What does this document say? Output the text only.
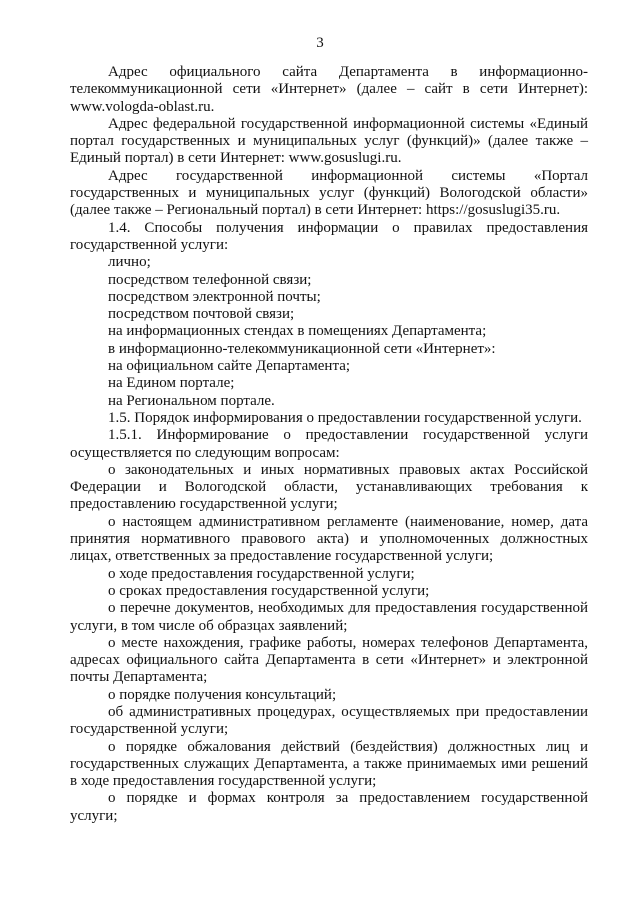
3

Адрес официального сайта Департамента в информационно-телекоммуникационной сети «Интернет» (далее – сайт в сети Интернет): www.vologda-oblast.ru.

Адрес федеральной государственной информационной системы «Единый портал государственных и муниципальных услуг (функций)» (далее также – Единый портал) в сети Интернет: www.gosuslugi.ru.

Адрес государственной информационной системы «Портал государственных и муниципальных услуг (функций) Вологодской области» (далее также – Региональный портал) в сети Интернет: https://gosuslugi35.ru.

1.4. Способы получения информации о правилах предоставления государственной услуги:

лично;

посредством телефонной связи;

посредством электронной почты;

посредством почтовой связи;

на информационных стендах в помещениях Департамента;

в информационно-телекоммуникационной сети «Интернет»:

на официальном сайте Департамента;

на Едином портале;

на Региональном портале.

1.5. Порядок информирования о предоставлении государственной услуги.

1.5.1. Информирование о предоставлении государственной услуги осуществляется по следующим вопросам:

о законодательных и иных нормативных правовых актах Российской Федерации и Вологодской области, устанавливающих требования к предоставлению государственной услуги;

о настоящем административном регламенте (наименование, номер, дата принятия нормативного правового акта) и уполномоченных должностных лицах, ответственных за предоставление государственной услуги;

о ходе предоставления государственной услуги;

о сроках предоставления государственной услуги;

о перечне документов, необходимых для предоставления государственной услуги, в том числе об образцах заявлений;

о месте нахождения, графике работы, номерах телефонов Департамента, адресах официального сайта Департамента в сети «Интернет» и электронной почты Департамента;

о порядке получения консультаций;

об административных процедурах, осуществляемых при предоставлении государственной услуги;

о порядке обжалования действий (бездействия) должностных лиц и государственных служащих Департамента, а также принимаемых ими решений в ходе предоставления государственной услуги;

о порядке и формах контроля за предоставлением государственной услуги;
